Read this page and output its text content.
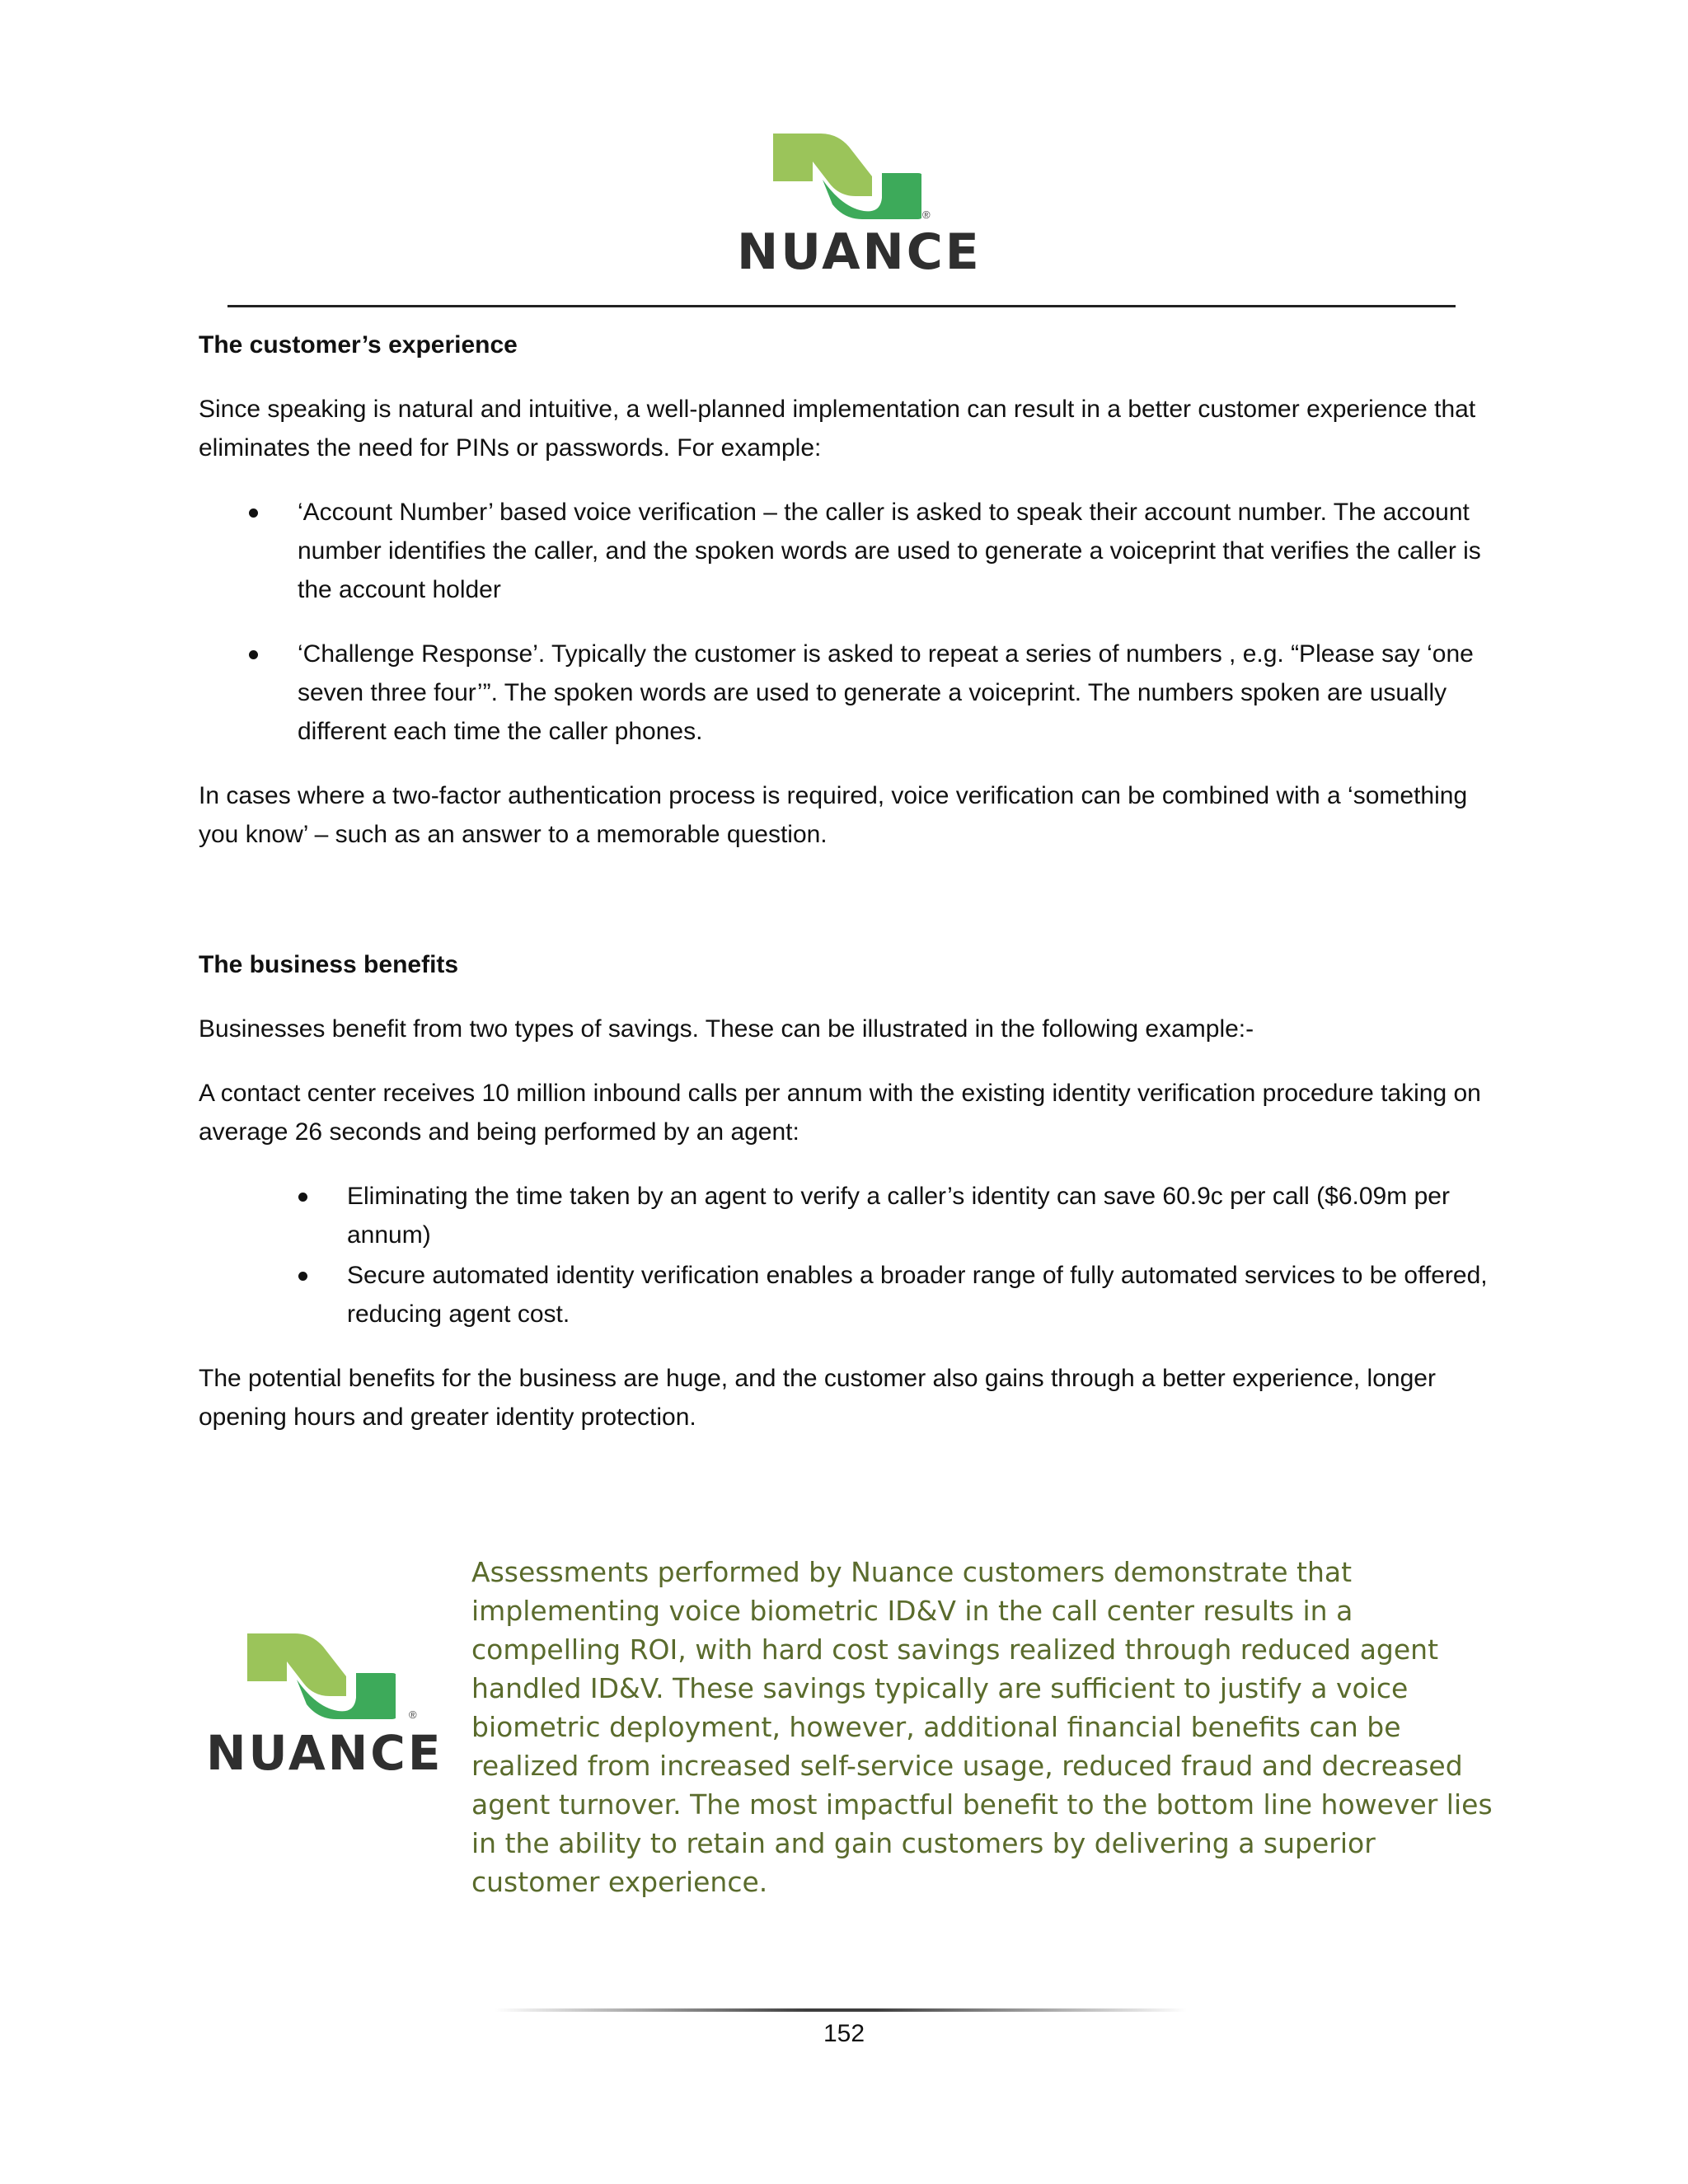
®
NUANCE
The customer’s experience
Since speaking is natural and intuitive, a well-planned implementation can result in a better customer experience that eliminates the need for PINs or passwords. For example:
‘Account Number’ based voice verification – the caller is asked to speak their account number. The account number identifies the caller, and the spoken words are used to generate a voiceprint that verifies the caller is the account holder
‘Challenge Response’. Typically the customer is asked to repeat a series of numbers , e.g. “Please say ‘one seven three four’”. The spoken words are used to generate a voiceprint. The numbers spoken are usually different each time the caller phones.
In cases where a two-factor authentication process is required, voice verification can be combined with a ‘something you know’ – such as an answer to a memorable question.
The business benefits
Businesses benefit from two types of savings. These can be illustrated in the following example:-
A contact center receives 10 million inbound calls per annum with the existing identity verification procedure taking on average 26 seconds and being performed by an agent:
Eliminating the time taken by an agent to verify a caller’s identity can save 60.9c per call ($6.09m per annum)
Secure automated identity verification enables a broader range of fully automated services to be offered, reducing agent cost.
The potential benefits for the business are huge, and the customer also gains through a better experience, longer opening hours and greater identity protection.
®
NUANCE
Assessments performed by Nuance customers demonstrate that implementing voice biometric ID&V in the call center results in a compelling ROI, with hard cost savings realized through reduced agent handled ID&V. These savings typically are sufficient to justify a voice biometric deployment, however, additional financial benefits can be realized from increased self-service usage, reduced fraud and decreased agent turnover. The most impactful benefit to the bottom line however lies in the ability to retain and gain customers by delivering a superior customer experience.
152
